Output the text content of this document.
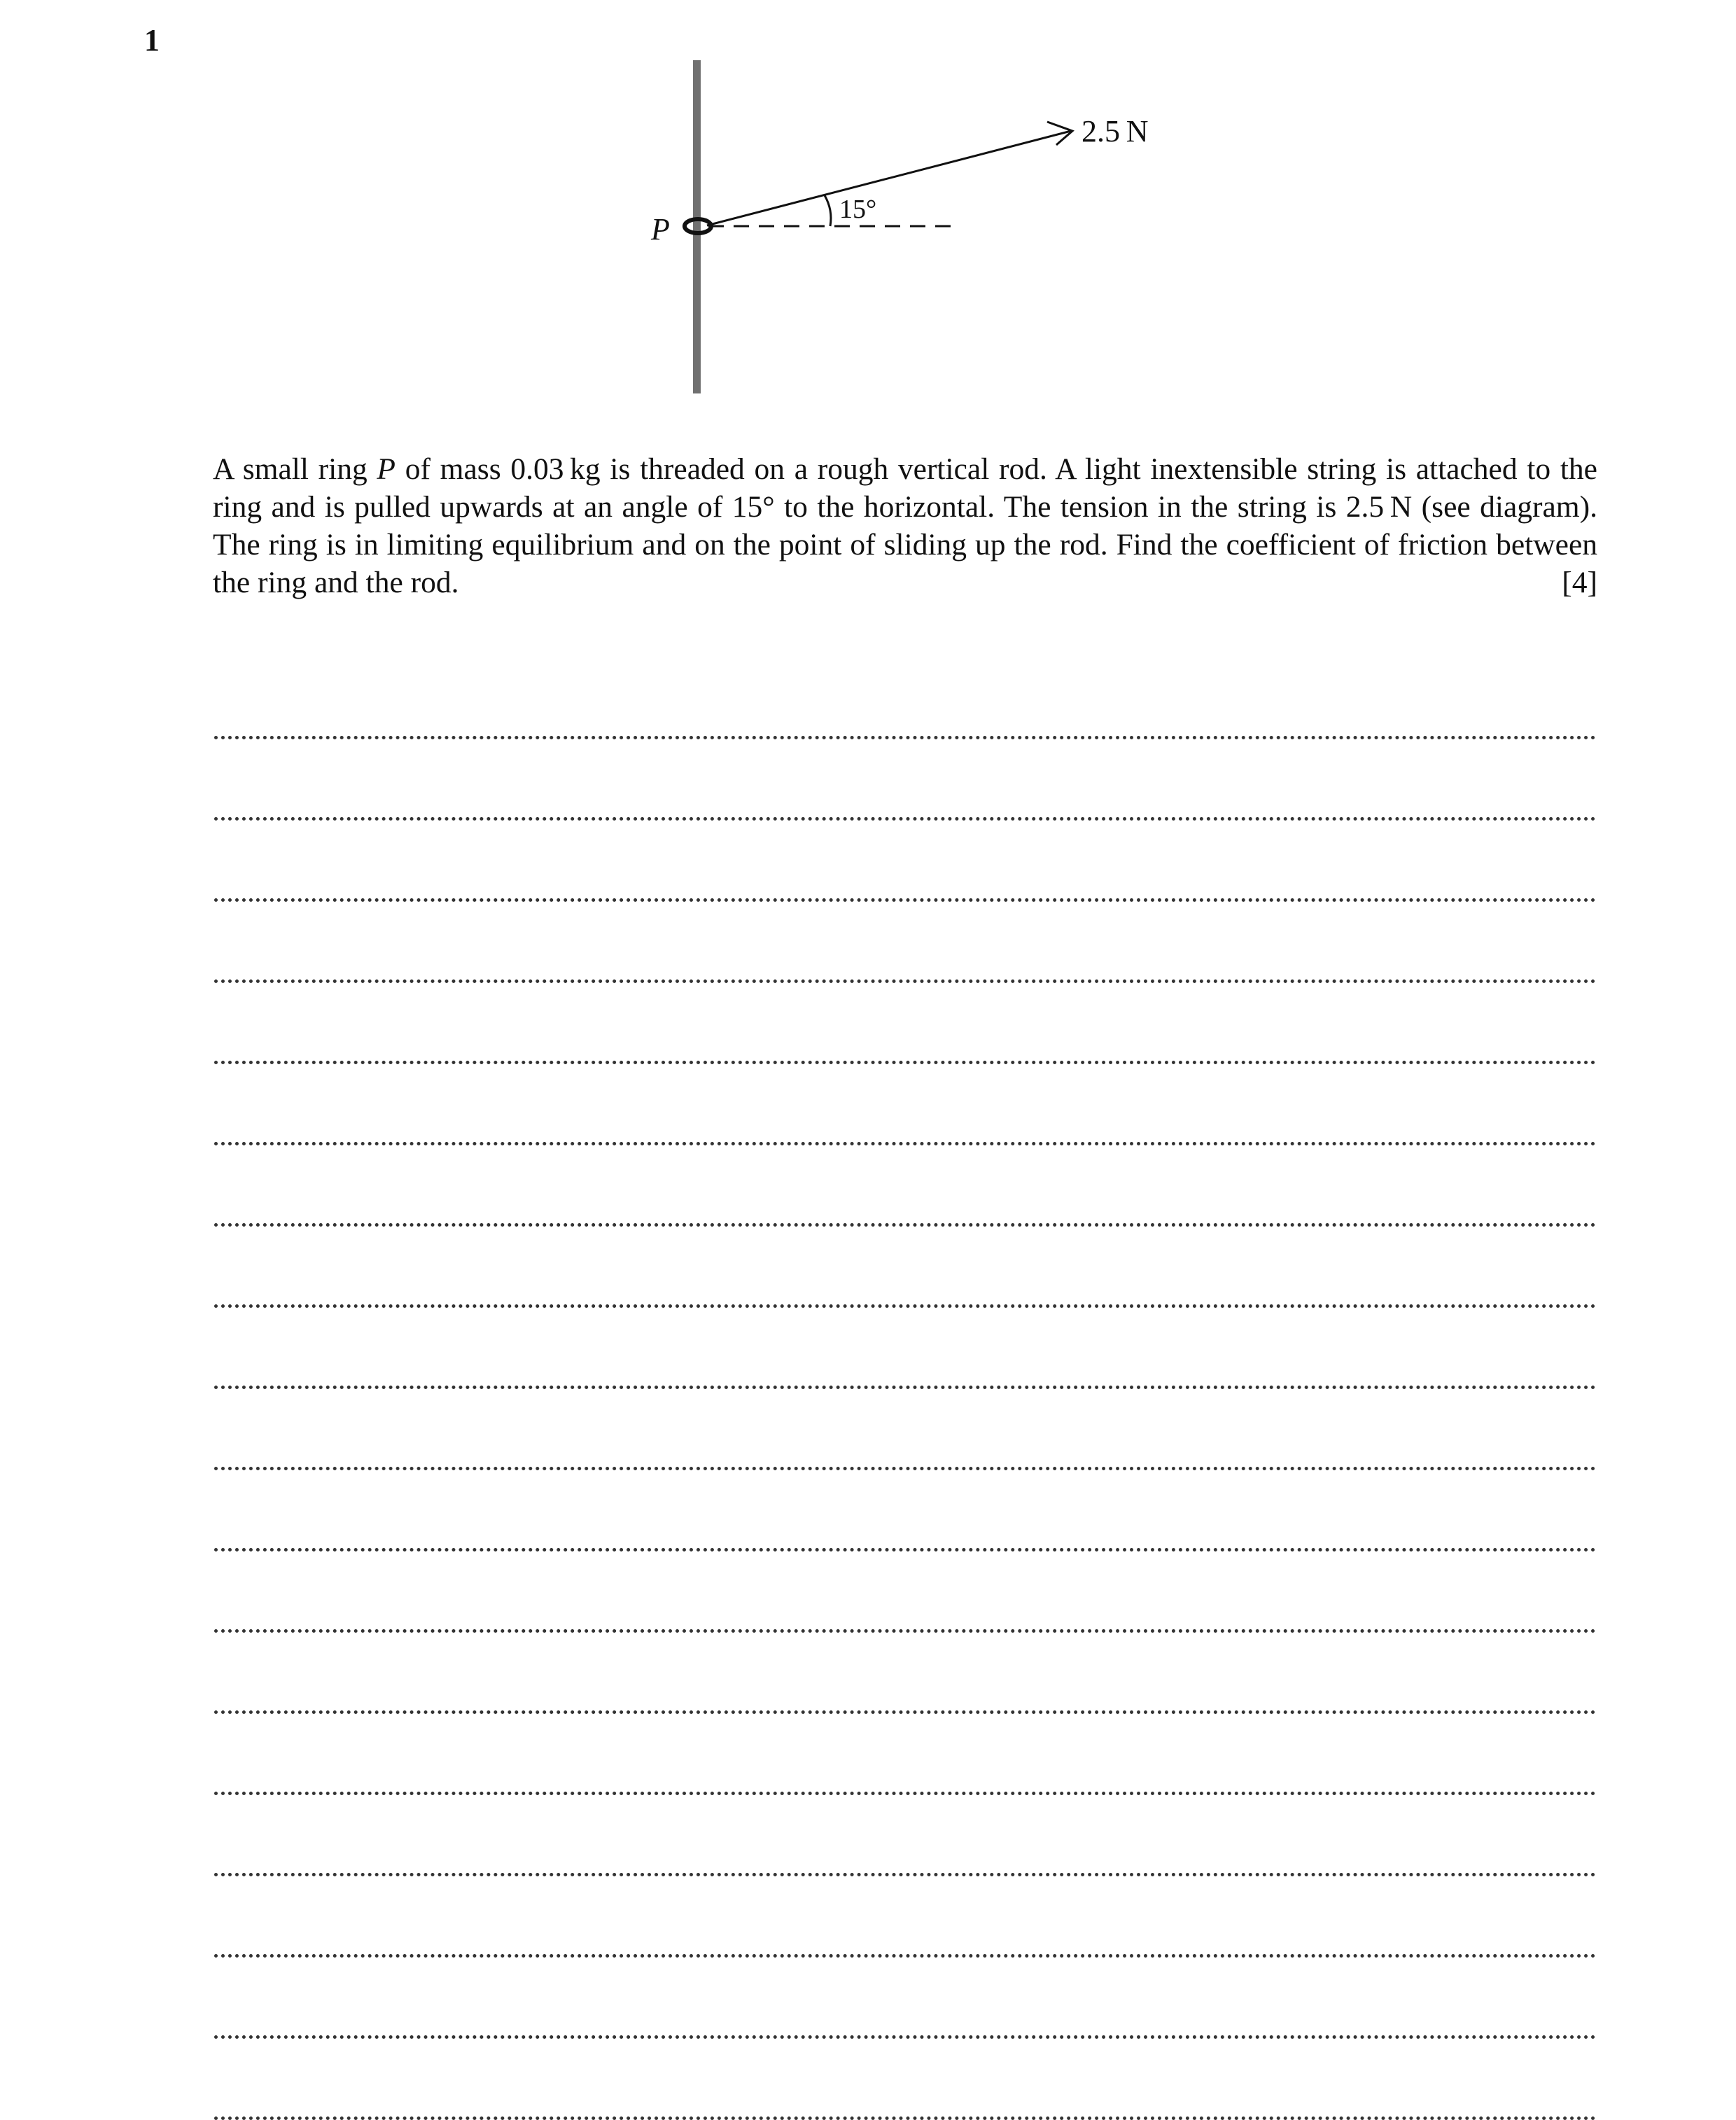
1
P
2.5 N
15°

A small ring P of mass 0.03 kg is threaded on a rough vertical rod. A light inextensible string is attached to the ring and is pulled upwards at an angle of 15° to the horizontal. The tension in the string is 2.5 N (see diagram). The ring is in limiting equilibrium and on the point of sliding up the rod. Find the coefficient of friction between the ring and the rod.	[4]
